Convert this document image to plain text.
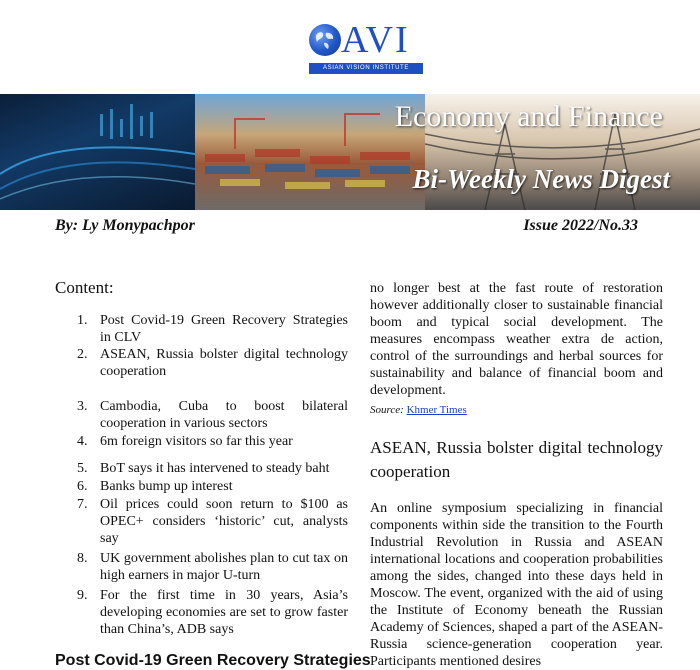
AVI
ASIAN VISION INSTITUTE
Economy and Finance
Bi-Weekly News Digest
By: Ly Monypachpor	Issue 2022/No.33
Content:
1. Post Covid-19 Green Recovery Strategies in CLV
2. ASEAN, Russia bolster digital technology cooperation
3. Cambodia, Cuba to boost bilateral cooperation in various sectors
4. 6m foreign visitors so far this year
5. BoT says it has intervened to steady baht
6. Banks bump up interest
7. Oil prices could soon return to $100 as OPEC+ considers ‘historic’ cut, analysts say
8. UK government abolishes plan to cut tax on high earners in major U-turn
9. For the first time in 30 years, Asia’s developing economies are set to grow faster than China’s, ADB says

no longer best at the fast route of restoration however additionally closer to sustainable financial boom and typical social development. The measures encompass weather extra de action, control of the surroundings and herbal sources for sustainability and balance of financial boom and development.

Source: Khmer Times

ASEAN, Russia bolster digital technology cooperation

An online symposium specializing in financial components within side the transition to the Fourth Industrial Revolution in Russia and ASEAN international locations and cooperation probabilities among the sides, changed into these days held in Moscow. The event, organized with the aid of using the Institute of Economy beneath the Russian Academy of Sciences, shaped a part of the ASEAN-Russia science-generation cooperation year. Participants mentioned desires

Post Covid-19 Green Recovery Strategies
